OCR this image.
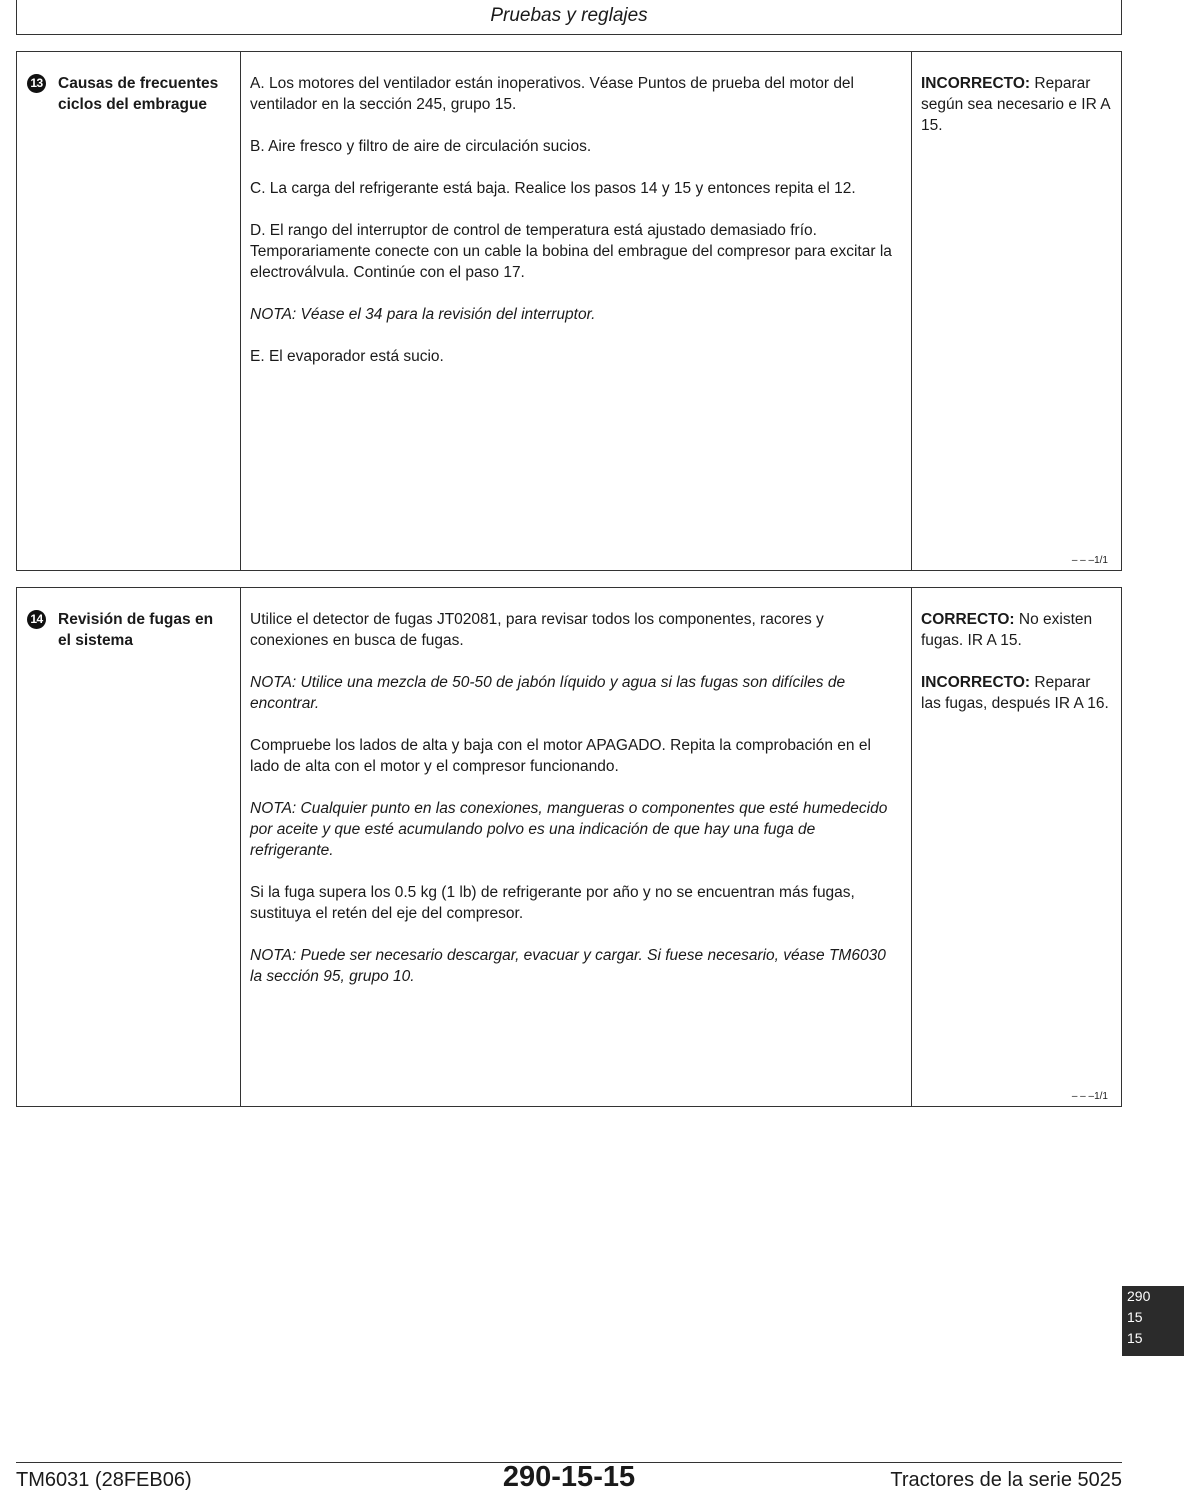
Pruebas y reglajes
13 Causas de frecuentes ciclos del embrague

A. Los motores del ventilador están inoperativos. Véase Puntos de prueba del motor del ventilador en la sección 245, grupo 15.

B. Aire fresco y filtro de aire de circulación sucios.

C. La carga del refrigerante está baja. Realice los pasos 14 y 15 y entonces repita el 12.

D. El rango del interruptor de control de temperatura está ajustado demasiado frío. Temporariamente conecte con un cable la bobina del embrague del compresor para excitar la electroválvula. Continúe con el paso 17.

NOTA: Véase el 34 para la revisión del interruptor.

E. El evaporador está sucio.

INCORRECTO: Reparar según sea necesario e IR A 15.
– – –1/1
14 Revisión de fugas en el sistema

Utilice el detector de fugas JT02081, para revisar todos los componentes, racores y conexiones en busca de fugas.

NOTA: Utilice una mezcla de 50-50 de jabón líquido y agua si las fugas son difíciles de encontrar.

Compruebe los lados de alta y baja con el motor APAGADO. Repita la comprobación en el lado de alta con el motor y el compresor funcionando.

NOTA: Cualquier punto en las conexiones, mangueras o componentes que esté humedecido por aceite y que esté acumulando polvo es una indicación de que hay una fuga de refrigerante.

Si la fuga supera los 0.5 kg (1 lb) de refrigerante por año y no se encuentran más fugas, sustituya el retén del eje del compresor.

NOTA: Puede ser necesario descargar, evacuar y cargar. Si fuese necesario, véase TM6030 la sección 95, grupo 10.

CORRECTO: No existen fugas. IR A 15.
INCORRECTO: Reparar las fugas, después IR A 16.
– – –1/1
290
15
15
TM6031 (28FEB06)	290-15-15	Tractores de la serie 5025
